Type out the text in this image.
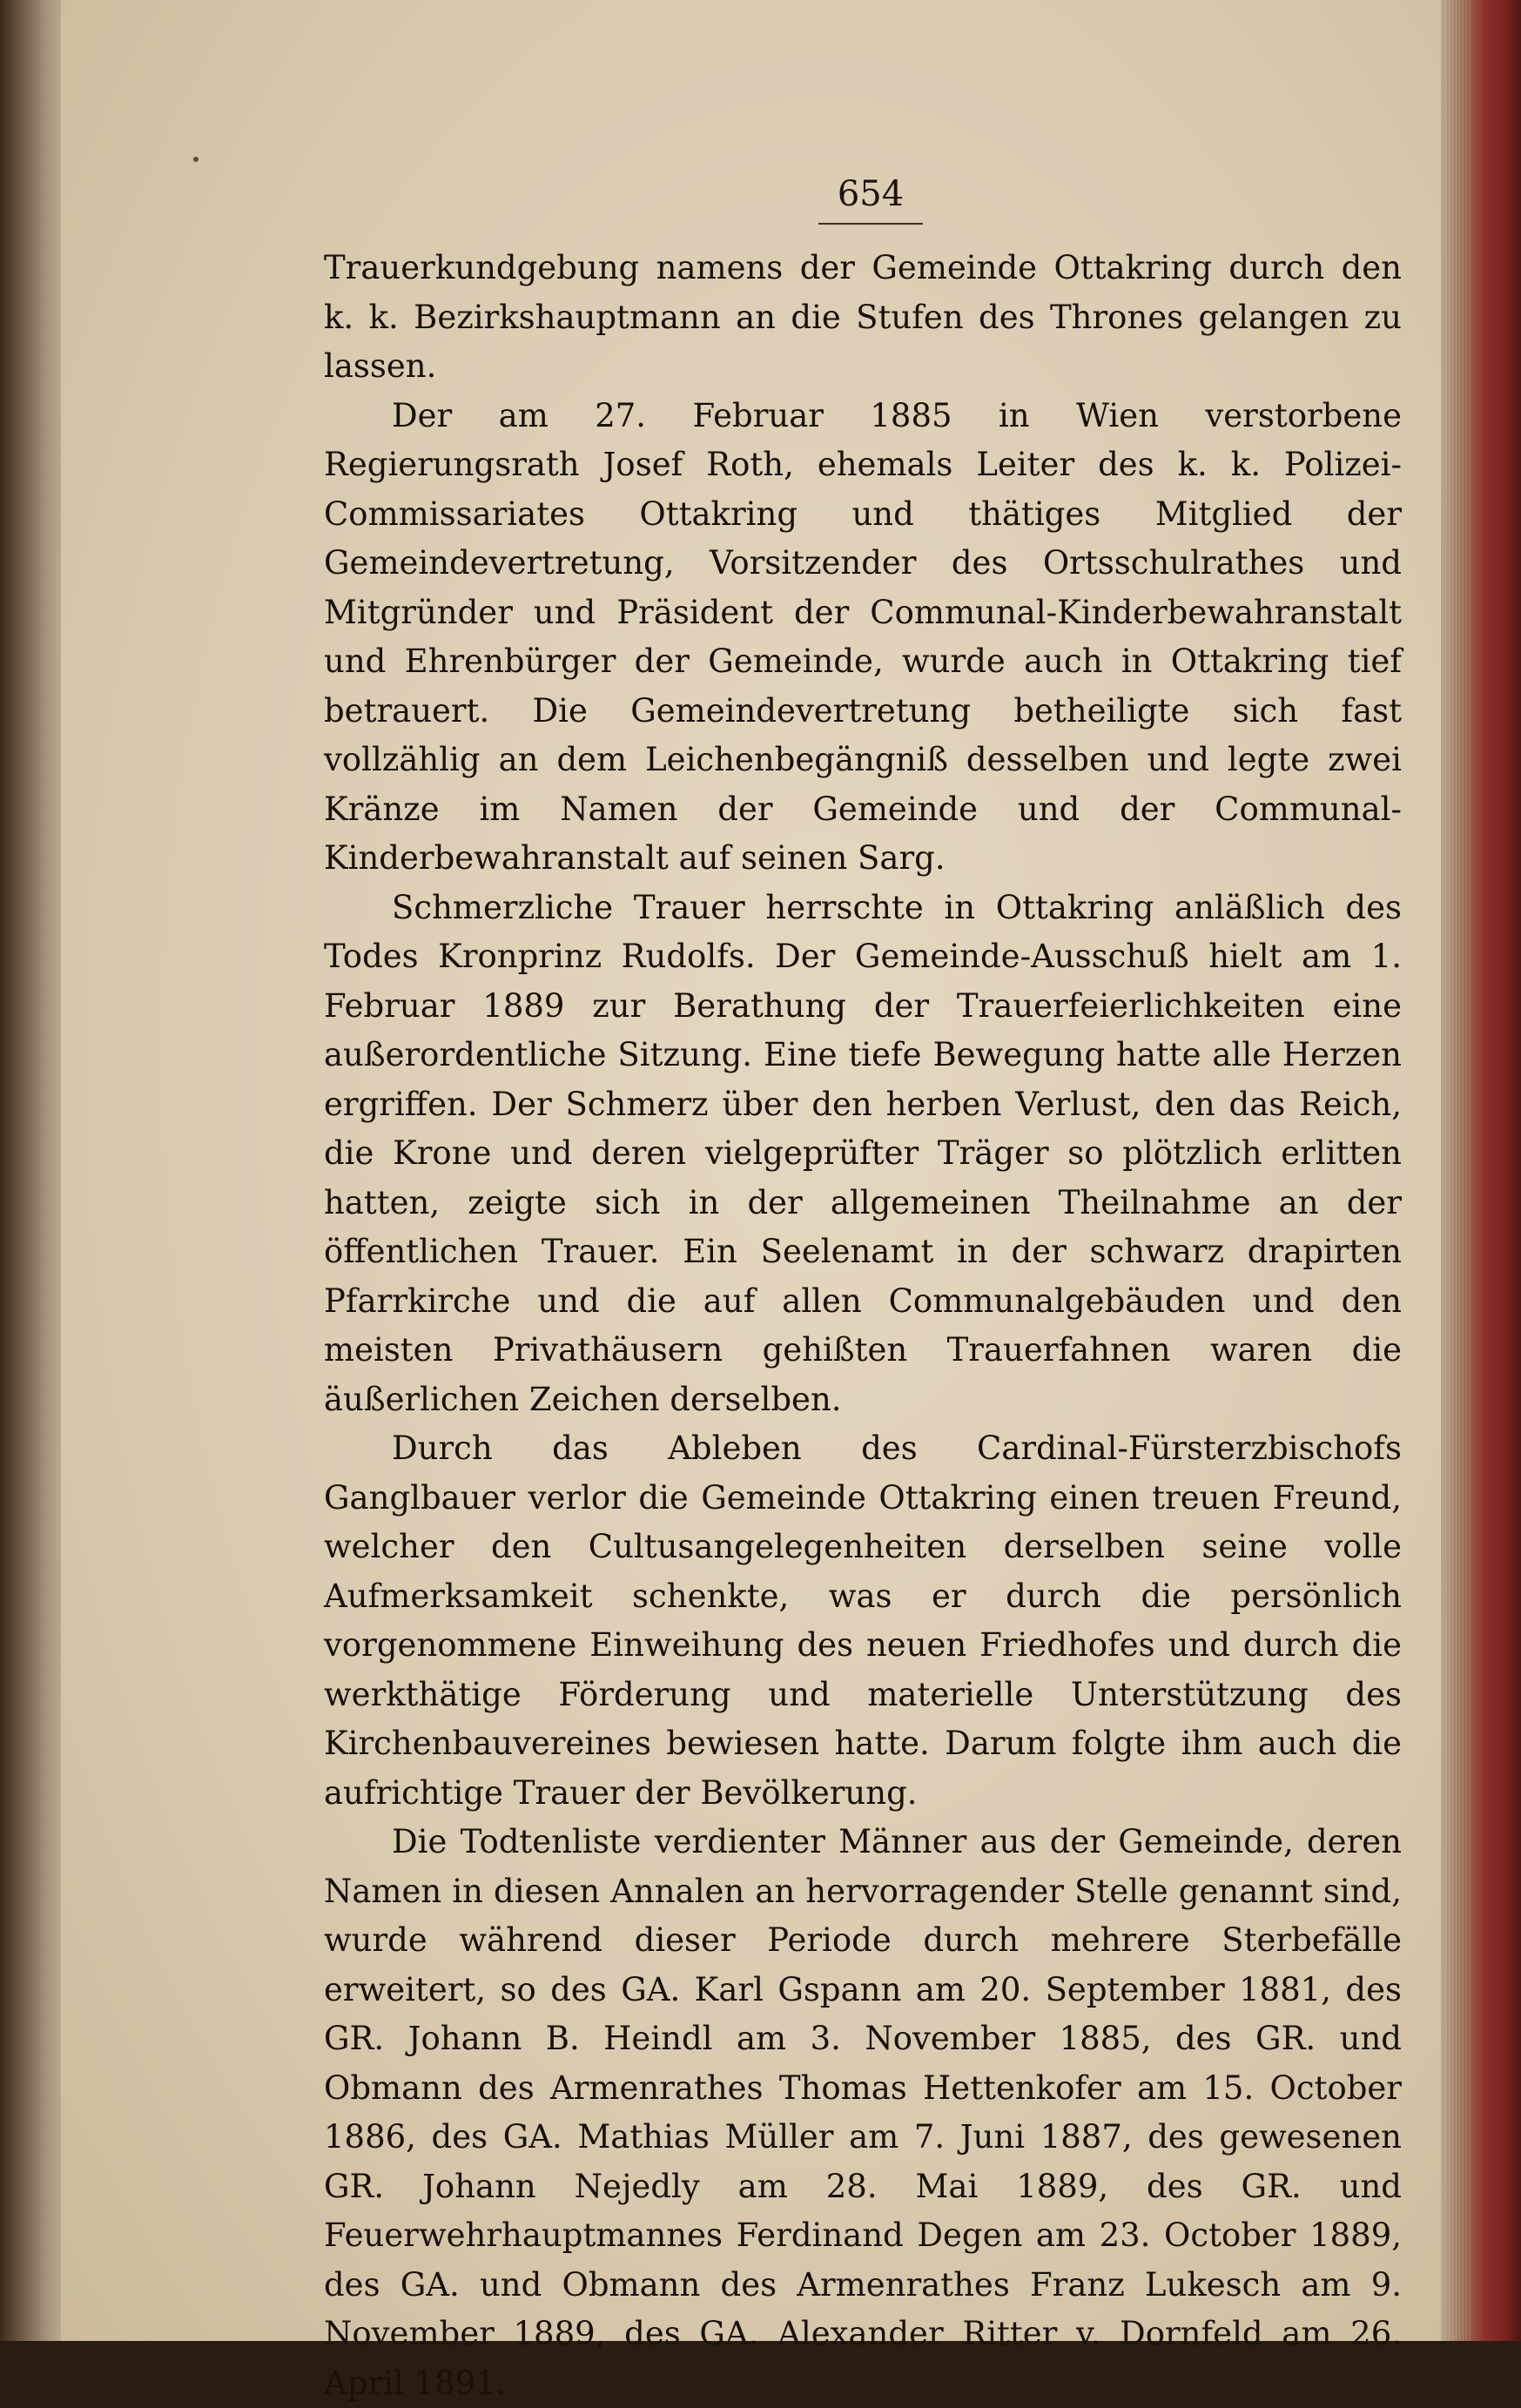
654

Trauerkundgebung namens der Gemeinde Ottakring durch den k. k. Bezirkshauptmann an die Stufen des Thrones gelangen zu lassen.

Der am 27. Februar 1885 in Wien verstorbene Regierungsrath Josef Roth, ehemals Leiter des k. k. Polizei-Commissariates Ottakring und thätiges Mitglied der Gemeindevertretung, Vorsitzender des Ortsschulrathes und Mitgründer und Präsident der Communal-Kinderbewahranstalt und Ehrenbürger der Gemeinde, wurde auch in Ottakring tief betrauert. Die Gemeindevertretung betheiligte sich fast vollzählig an dem Leichenbegängniß desselben und legte zwei Kränze im Namen der Gemeinde und der Communal-Kinderbewahranstalt auf seinen Sarg.

Schmerzliche Trauer herrschte in Ottakring anläßlich des Todes Kronprinz Rudolfs. Der Gemeinde-Ausschuß hielt am 1. Februar 1889 zur Berathung der Trauerfeierlichkeiten eine außerordentliche Sitzung. Eine tiefe Bewegung hatte alle Herzen ergriffen. Der Schmerz über den herben Verlust, den das Reich, die Krone und deren vielgeprüfter Träger so plötzlich erlitten hatten, zeigte sich in der allgemeinen Theilnahme an der öffentlichen Trauer. Ein Seelenamt in der schwarz drapirten Pfarrkirche und die auf allen Communalgebäuden und den meisten Privathäusern gehißten Trauerfahnen waren die äußerlichen Zeichen derselben.

Durch das Ableben des Cardinal-Fürsterzbischofs Ganglbauer verlor die Gemeinde Ottakring einen treuen Freund, welcher den Cultusangelegenheiten derselben seine volle Aufmerksamkeit schenkte, was er durch die persönlich vorgenommene Einweihung des neuen Friedhofes und durch die werkthätige Förderung und materielle Unterstützung des Kirchenbauvereines bewiesen hatte. Darum folgte ihm auch die aufrichtige Trauer der Bevölkerung.

Die Todtenliste verdienter Männer aus der Gemeinde, deren Namen in diesen Annalen an hervorragender Stelle genannt sind, wurde während dieser Periode durch mehrere Sterbefälle erweitert, so des GA. Karl Gspann am 20. September 1881, des GR. Johann B. Heindl am 3. November 1885, des GR. und Obmann des Armenrathes Thomas Hettenkofer am 15. October 1886, des GA. Mathias Müller am 7. Juni 1887, des gewesenen GR. Johann Nejedly am 28. Mai 1889, des GR. und Feuerwehrhauptmannes Ferdinand Degen am 23. October 1889, des GA. und Obmann des Armenrathes Franz Lukesch am 9. November 1889, des GA. Alexander Ritter v. Dornfeld am 26. April 1891.
